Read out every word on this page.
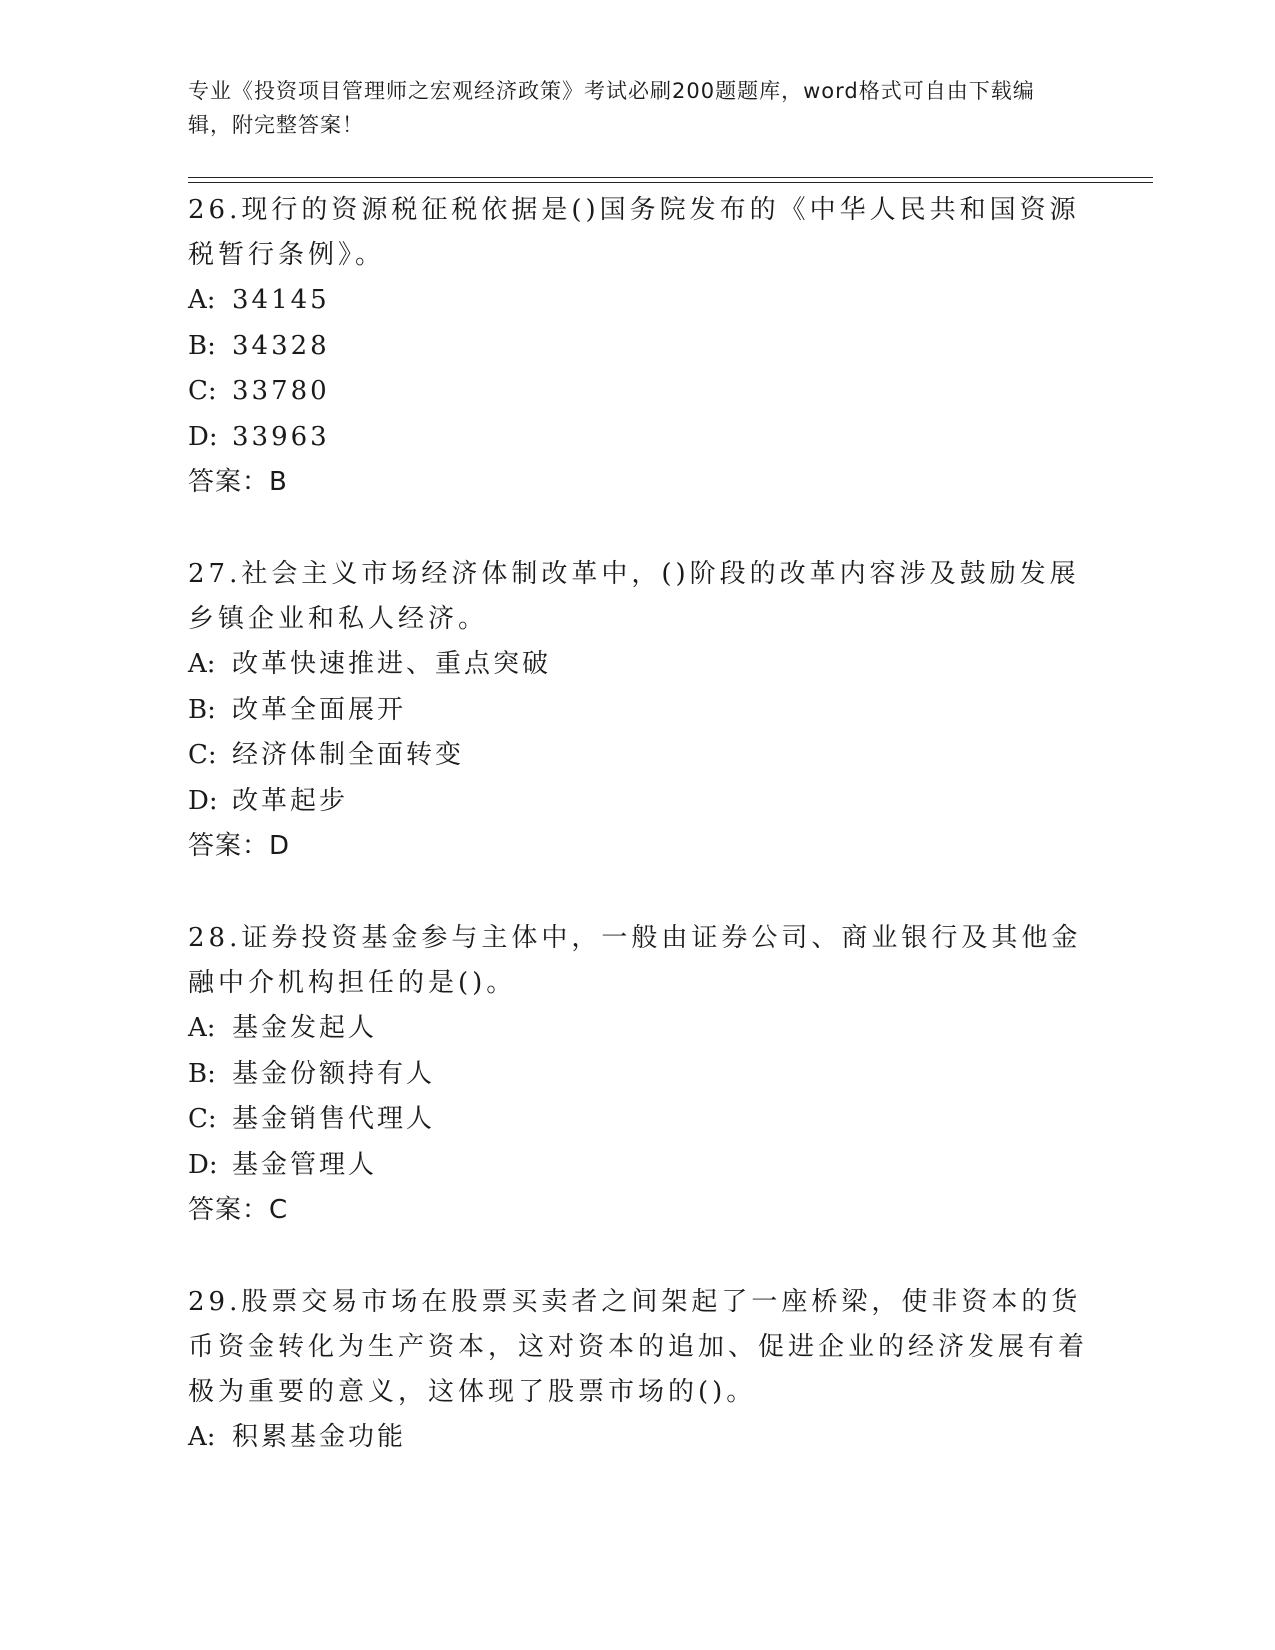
专业《投资项目管理师之宏观经济政策》考试必刷200题题库，word格式可自由下载编辑，附完整答案！

26.现行的资源税征税依据是()国务院发布的《中华人民共和国资源税暂行条例》。

A: 34145

B: 34328

C: 33780

D: 33963

答案：B

27.社会主义市场经济体制改革中，()阶段的改革内容涉及鼓励发展乡镇企业和私人经济。

A: 改革快速推进、重点突破

B: 改革全面展开

C: 经济体制全面转变

D: 改革起步

答案：D

28.证券投资基金参与主体中，一般由证券公司、商业银行及其他金融中介机构担任的是()。

A: 基金发起人

B: 基金份额持有人

C: 基金销售代理人

D: 基金管理人

答案：C

29.股票交易市场在股票买卖者之间架起了一座桥梁，使非资本的货币资金转化为生产资本，这对资本的追加、促进企业的经济发展有着极为重要的意义，这体现了股票市场的()。

A: 积累基金功能
